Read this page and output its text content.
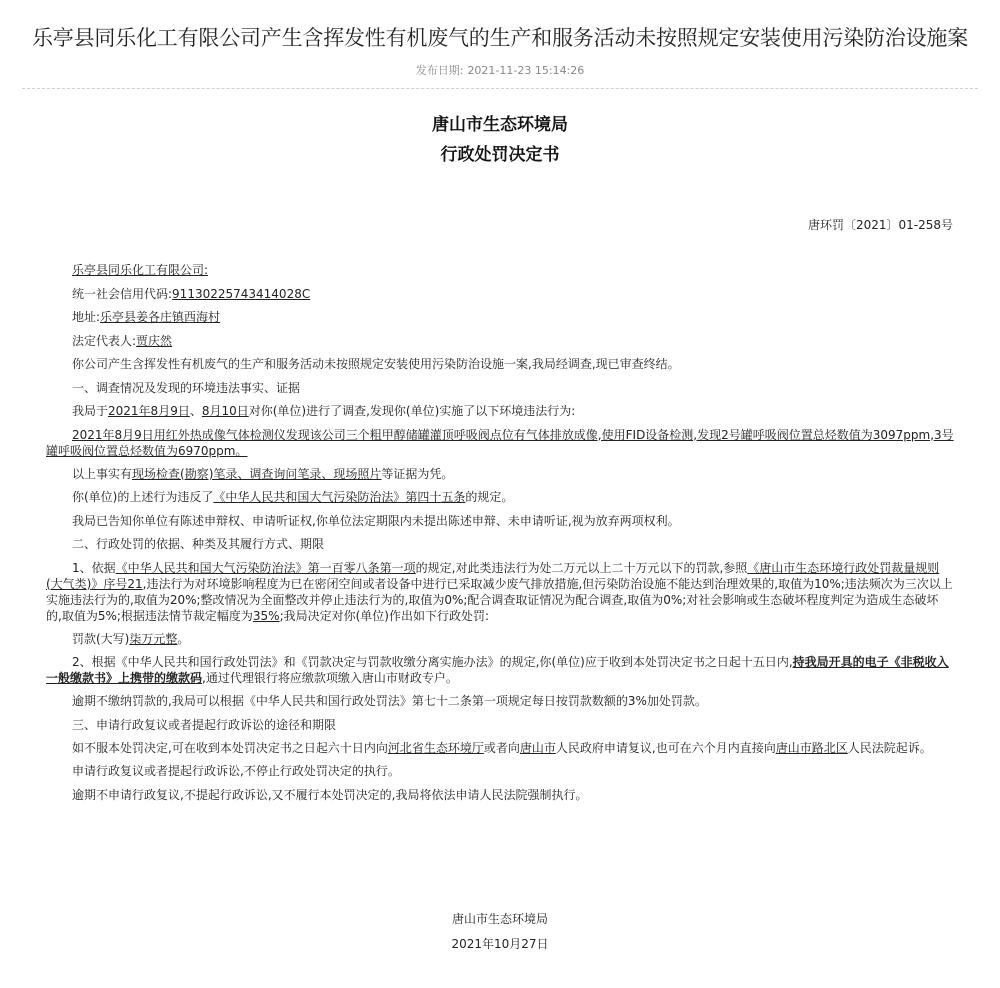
乐亭县同乐化工有限公司产生含挥发性有机废气的生产和服务活动未按照规定安装使用污染防治设施案
发布日期: 2021-11-23 15:14:26
唐山市生态环境局
行政处罚决定书
唐环罚〔2021〕01-258号

乐亭县同乐化工有限公司:

统一社会信用代码:91130225743414028C

地址:乐亭县姜各庄镇西海村

法定代表人:贾庆然

你公司产生含挥发性有机废气的生产和服务活动未按照规定安装使用污染防治设施一案,我局经调查,现已审查终结。

一、调查情况及发现的环境违法事实、证据

我局于2021年8月9日、8月10日对你(单位)进行了调查,发现你(单位)实施了以下环境违法行为:

2021年8月9日用红外热成像气体检测仪发现该公司三个粗甲醇储罐灌顶呼吸阀点位有气体排放成像,使用FID设备检测,发现2号罐呼吸阀位置总烃数值为3097ppm,3号罐呼吸阀位置总烃数值为6970ppm。

以上事实有现场检查(勘察)笔录、调查询问笔录、现场照片等证据为凭。

你(单位)的上述行为违反了《中华人民共和国大气污染防治法》第四十五条的规定。

我局已告知你单位有陈述申辩权、申请听证权,你单位法定期限内未提出陈述申辩、未申请听证,视为放弃两项权利。

二、行政处罚的依据、种类及其履行方式、期限

1、依据《中华人民共和国大气污染防治法》第一百零八条第一项的规定,对此类违法行为处二万元以上二十万元以下的罚款,参照《唐山市生态环境行政处罚裁量规则(大气类)》序号21,违法行为对环境影响程度为已在密闭空间或者设备中进行已采取减少废气排放措施,但污染防治设施不能达到治理效果的,取值为10%;违法频次为三次以上实施违法行为的,取值为20%;整改情况为全面整改并停止违法行为的,取值为0%;配合调查取证情况为配合调查,取值为0%;对社会影响或生态破坏程度判定为造成生态破坏的,取值为5%;根据违法情节裁定幅度为35%;我局决定对你(单位)作出如下行政处罚:

罚款(大写)柒万元整。

2、根据《中华人民共和国行政处罚法》和《罚款决定与罚款收缴分离实施办法》的规定,你(单位)应于收到本处罚决定书之日起十五日内,持我局开具的电子《非税收入一般缴款书》上携带的缴款码,通过代理银行将应缴款项缴入唐山市财政专户。

逾期不缴纳罚款的,我局可以根据《中华人民共和国行政处罚法》第七十二条第一项规定每日按罚款数额的3%加处罚款。

三、申请行政复议或者提起行政诉讼的途径和期限

如不服本处罚决定,可在收到本处罚决定书之日起六十日内向河北省生态环境厅或者向唐山市人民政府申请复议,也可在六个月内直接向唐山市路北区人民法院起诉。

申请行政复议或者提起行政诉讼,不停止行政处罚决定的执行。

逾期不申请行政复议,不提起行政诉讼,又不履行本处罚决定的,我局将依法申请人民法院强制执行。

唐山市生态环境局
2021年10月27日
